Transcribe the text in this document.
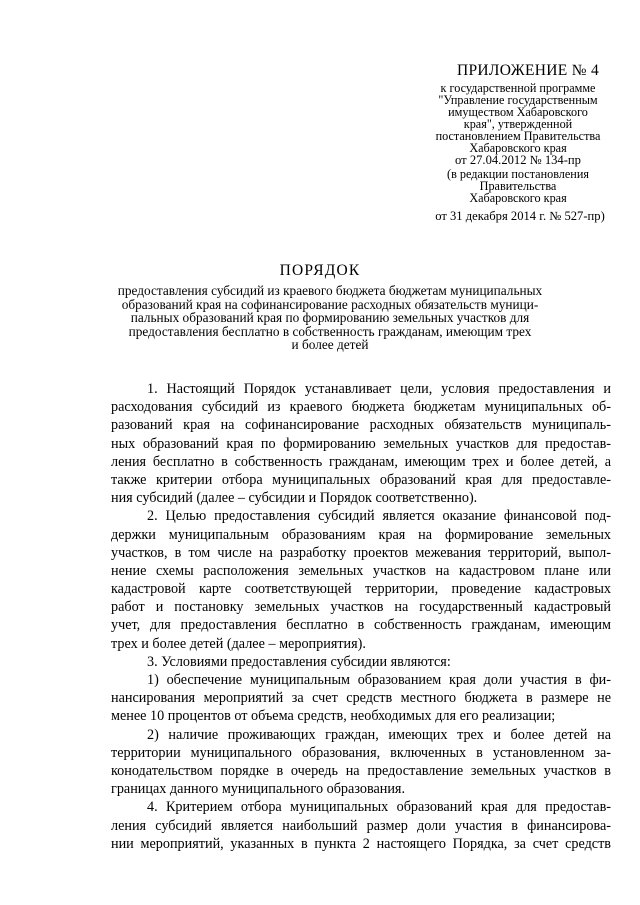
ПРИЛОЖЕНИЕ № 4
к государственной программе
"Управление государственным
имуществом Хабаровского
края", утвержденной
постановлением Правительства
Хабаровского края
от 27.04.2012 № 134-пр
(в редакции постановления
Правительства
Хабаровского края
от 31 декабря 2014 г. № 527-пр)
ПОРЯДОК
предоставления субсидий из краевого бюджета бюджетам муниципальных
образований края на софинансирование расходных обязательств муници-
пальных образований края по формированию земельных участков для
предоставления бесплатно в собственность гражданам, имеющим трех
и более детей
1. Настоящий Порядок устанавливает цели, условия предоставления и
расходования субсидий из краевого бюджета бюджетам муниципальных об-
разований края на софинансирование расходных обязательств муниципаль-
ных образований края по формированию земельных участков для предостав-
ления бесплатно в собственность гражданам, имеющим трех и более детей, а
также критерии отбора муниципальных образований края для предоставле-
ния субсидий (далее – субсидии и Порядок соответственно).
2. Целью предоставления субсидий является оказание финансовой под-
держки муниципальным образованиям края на формирование земельных
участков, в том числе на разработку проектов межевания территорий, выпол-
нение схемы расположения земельных участков на кадастровом плане или
кадастровой карте соответствующей территории, проведение кадастровых
работ и постановку земельных участков на государственный кадастровый
учет, для предоставления бесплатно в собственность гражданам, имеющим
трех и более детей (далее – мероприятия).
3. Условиями предоставления субсидии являются:
1) обеспечение муниципальным образованием края доли участия в фи-
нансирования мероприятий за счет средств местного бюджета в размере не
менее 10 процентов от объема средств, необходимых для его реализации;
2) наличие проживающих граждан, имеющих трех и более детей на
территории муниципального образования, включенных в установленном за-
конодательством порядке в очередь на предоставление земельных участков в
границах данного муниципального образования.
4. Критерием отбора муниципальных образований края для предостав-
ления субсидий является наибольший размер доли участия в финансирова-
нии мероприятий, указанных в пункта 2 настоящего Порядка, за счет средств
